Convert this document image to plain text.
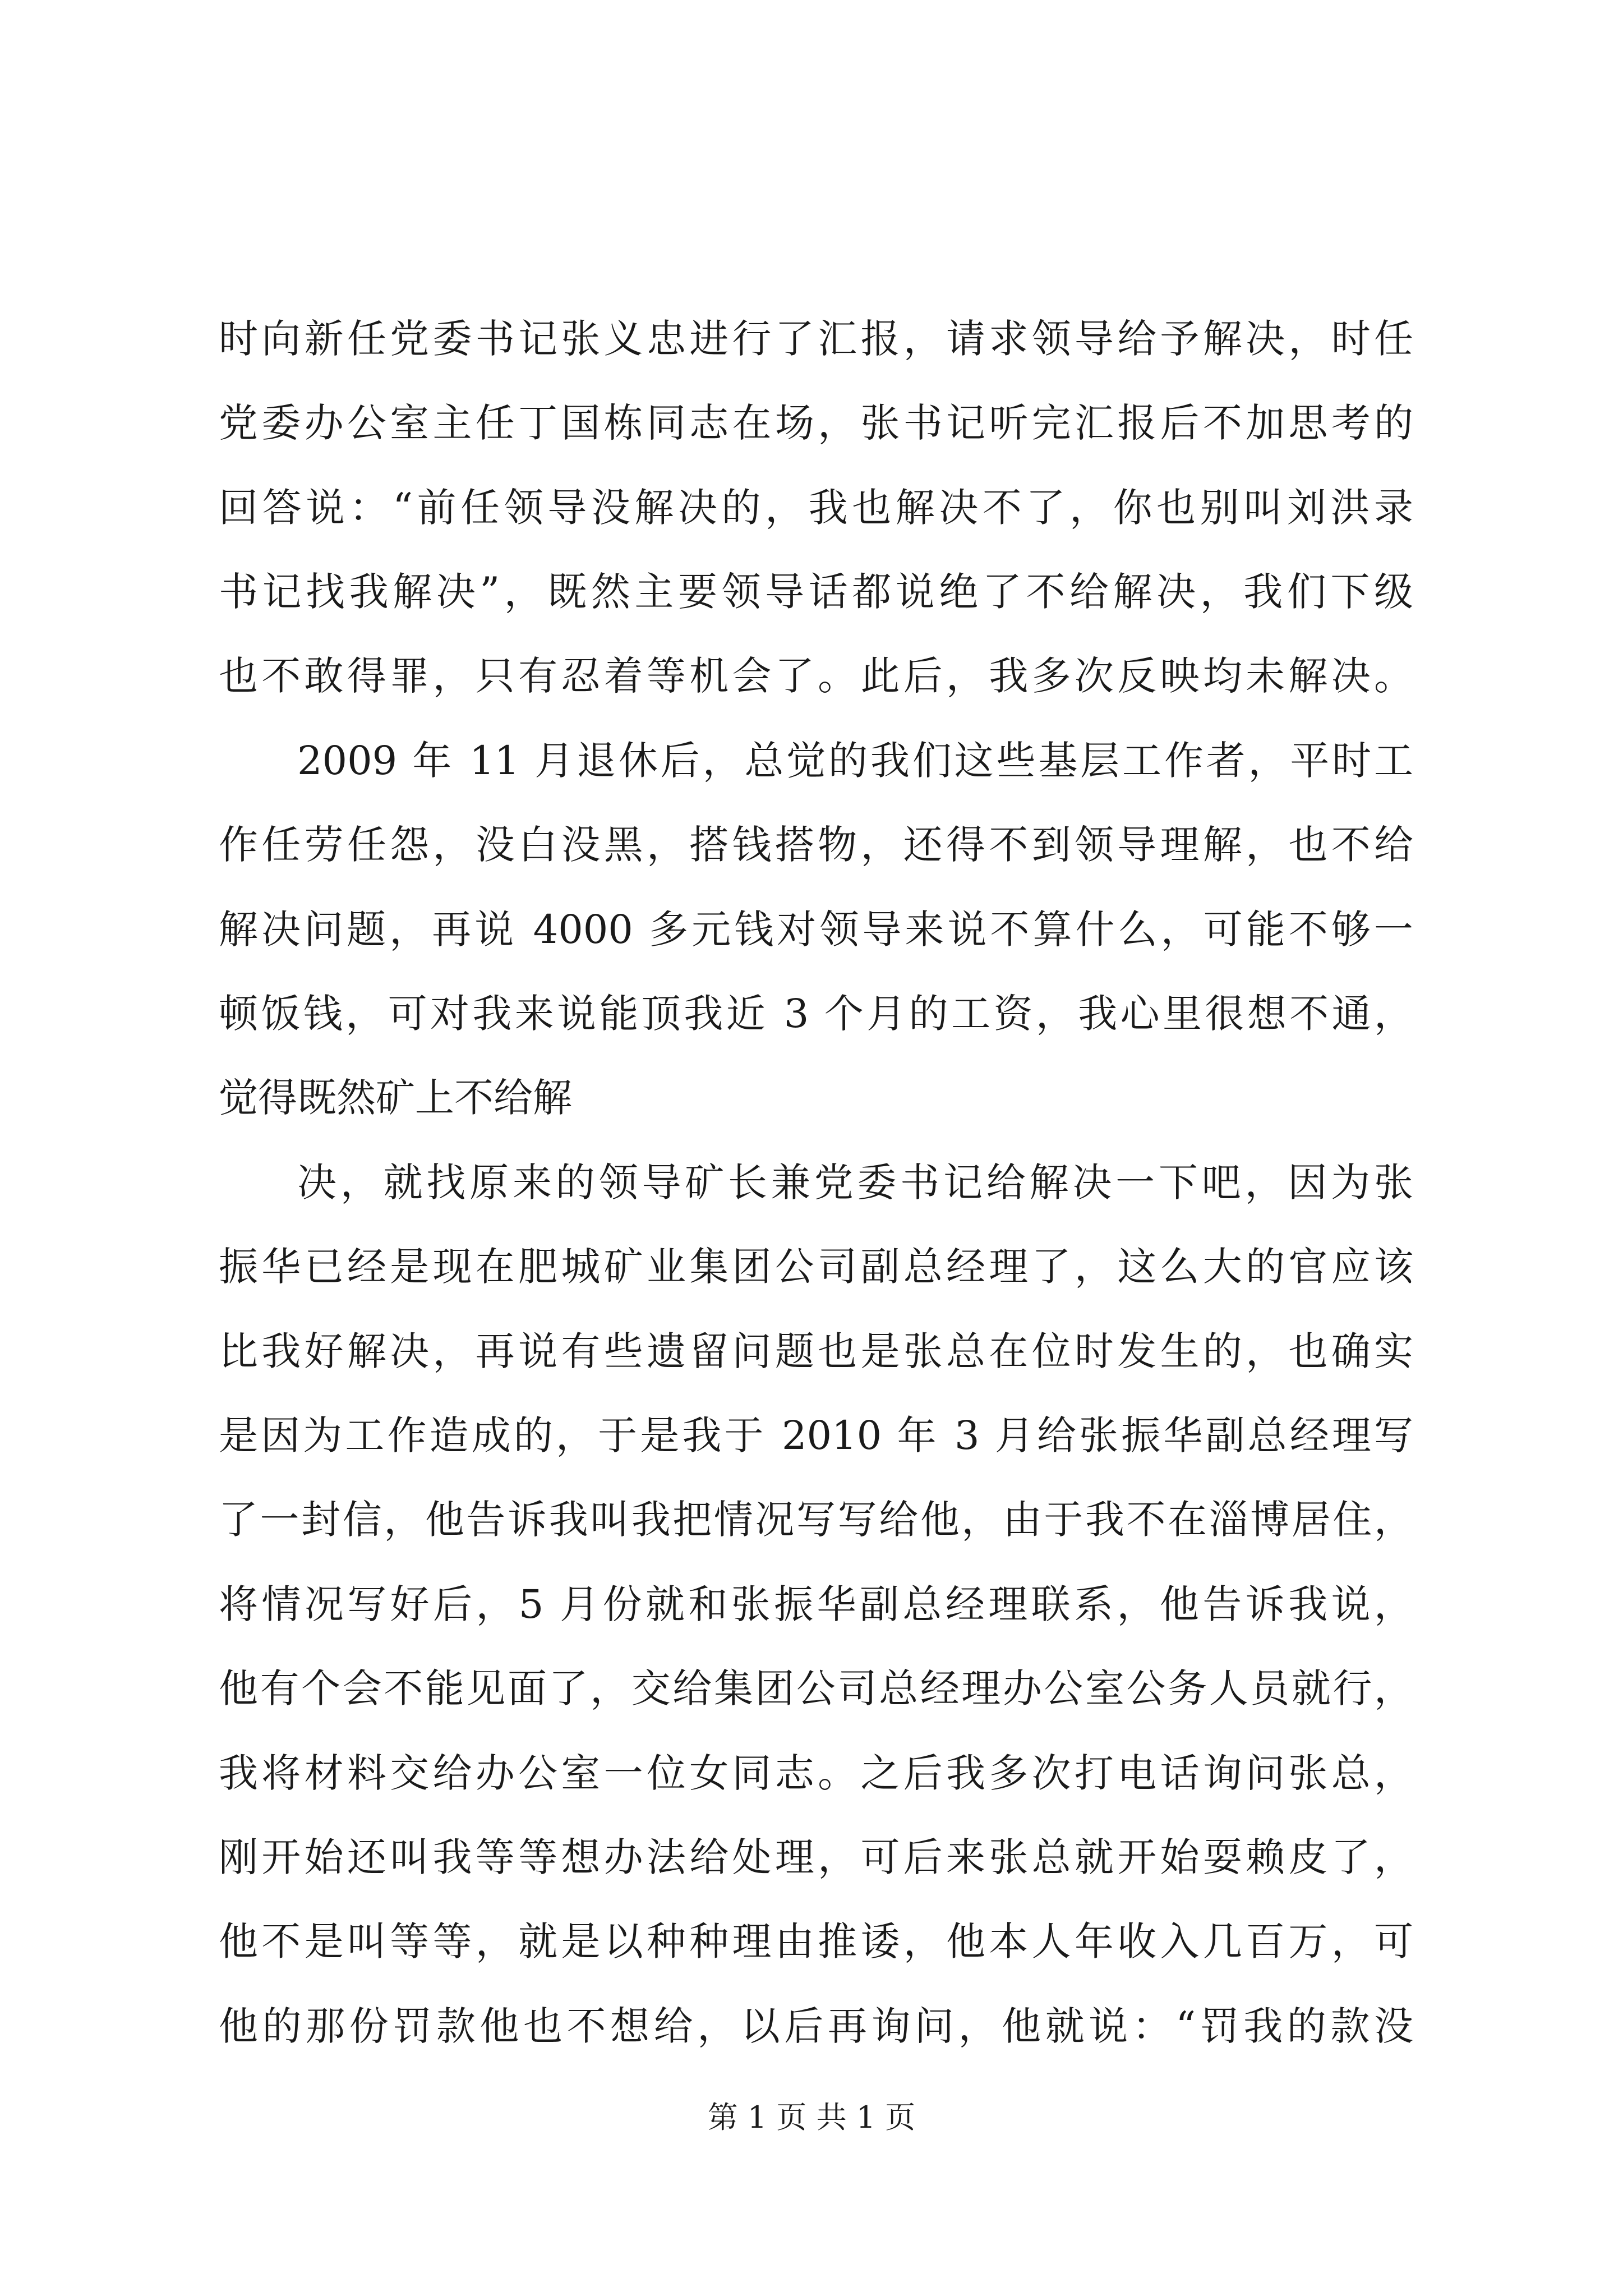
时向新任党委书记张义忠进行了汇报，请求领导给予解决，时任
党委办公室主任丁国栋同志在场，张书记听完汇报后不加思考的
回答说：“前任领导没解决的，我也解决不了，你也别叫刘洪录
书记找我解决”，既然主要领导话都说绝了不给解决，我们下级
也不敢得罪，只有忍着等机会了。此后，我多次反映均未解决。
2009 年 11 月退休后，总觉的我们这些基层工作者，平时工
作任劳任怨，没白没黑，搭钱搭物，还得不到领导理解，也不给
解决问题，再说 4000 多元钱对领导来说不算什么，可能不够一
顿饭钱，可对我来说能顶我近 3 个月的工资，我心里很想不通，
觉得既然矿上不给解
决，就找原来的领导矿长兼党委书记给解决一下吧，因为张
振华已经是现在肥城矿业集团公司副总经理了，这么大的官应该
比我好解决，再说有些遗留问题也是张总在位时发生的，也确实
是因为工作造成的，于是我于 2010 年 3 月给张振华副总经理写
了一封信，他告诉我叫我把情况写写给他，由于我不在淄博居住，
将情况写好后，5 月份就和张振华副总经理联系，他告诉我说，
他有个会不能见面了，交给集团公司总经理办公室公务人员就行，
我将材料交给办公室一位女同志。之后我多次打电话询问张总，
刚开始还叫我等等想办法给处理，可后来张总就开始耍赖皮了，
他不是叫等等，就是以种种理由推诿，他本人年收入几百万，可
他的那份罚款他也不想给，以后再询问，他就说：“罚我的款没
第 1 页 共 1 页
